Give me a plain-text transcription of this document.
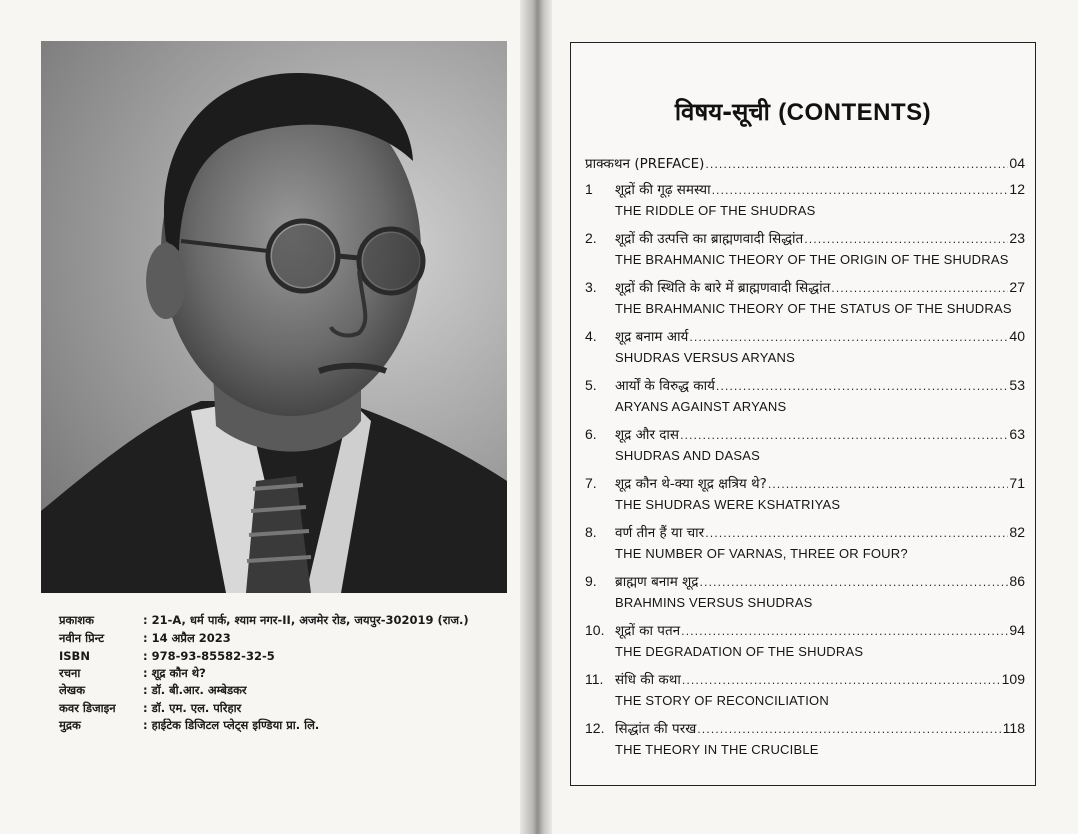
प्रकाशक	: 21-A, धर्म पार्क, श्याम नगर-II, अजमेर रोड, जयपुर-302019 (राज.)
नवीन प्रिन्ट	: 14 अप्रैल 2023
ISBN	: 978-93-85582-32-5
रचना	: शूद्र कौन थे?
लेखक	: डॉ. बी.आर. अम्बेडकर
कवर डिजाइन	: डॉ. एम. एल. परिहार
मुद्रक	: हाईटेक डिजिटल प्लेट्स इण्डिया प्रा. लि.
विषय-सूची (CONTENTS)
प्राक्कथन (PREFACE) .....	04
1	शूद्रों की गूढ़ समस्या .....	12
THE RIDDLE OF THE SHUDRAS
2.	शूद्रों की उत्पत्ति का ब्राह्मणवादी सिद्धांत .....	23
THE BRAHMANIC THEORY OF THE ORIGIN OF THE SHUDRAS
3.	शूद्रों की स्थिति के बारे में ब्राह्मणवादी सिद्धांत .....	27
THE BRAHMANIC THEORY OF THE STATUS OF THE SHUDRAS
4.	शूद्र बनाम आर्य .....	40
SHUDRAS VERSUS ARYANS
5.	आर्यों के विरुद्ध कार्य .....	53
ARYANS AGAINST ARYANS
6.	शूद्र और दास .....	63
SHUDRAS AND DASAS
7.	शूद्र कौन थे-क्या शूद्र क्षत्रिय थे? .....	71
THE SHUDRAS WERE KSHATRIYAS
8.	वर्ण तीन हैं या चार .....	82
THE NUMBER OF VARNAS, THREE OR FOUR?
9.	ब्राह्मण बनाम शूद्र .....	86
BRAHMINS VERSUS SHUDRAS
10. शूद्रों का पतन .....	94
THE DEGRADATION OF THE SHUDRAS
11. संधि की कथा .....	109
THE STORY OF RECONCILIATION
12. सिद्धांत की परख .....	118
THE THEORY IN THE CRUCIBLE
